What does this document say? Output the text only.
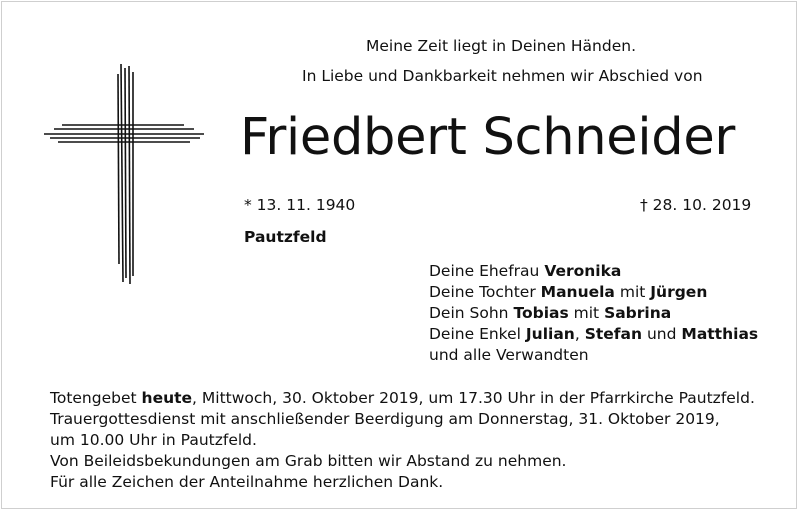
Meine Zeit liegt in Deinen Händen.
In Liebe und Dankbarkeit nehmen wir Abschied von
Friedbert Schneider
* 13. 11. 1940	† 28. 10. 2019
Pautzfeld
Deine Ehefrau Veronika
Deine Tochter Manuela mit Jürgen
Dein Sohn Tobias mit Sabrina
Deine Enkel Julian, Stefan und Matthias
und alle Verwandten
Totengebet heute, Mittwoch, 30. Oktober 2019, um 17.30 Uhr in der Pfarrkirche Pautzfeld.
Trauergottesdienst mit anschließender Beerdigung am Donnerstag, 31. Oktober 2019,
um 10.00 Uhr in Pautzfeld.
Von Beileidsbekundungen am Grab bitten wir Abstand zu nehmen.
Für alle Zeichen der Anteilnahme herzlichen Dank.
